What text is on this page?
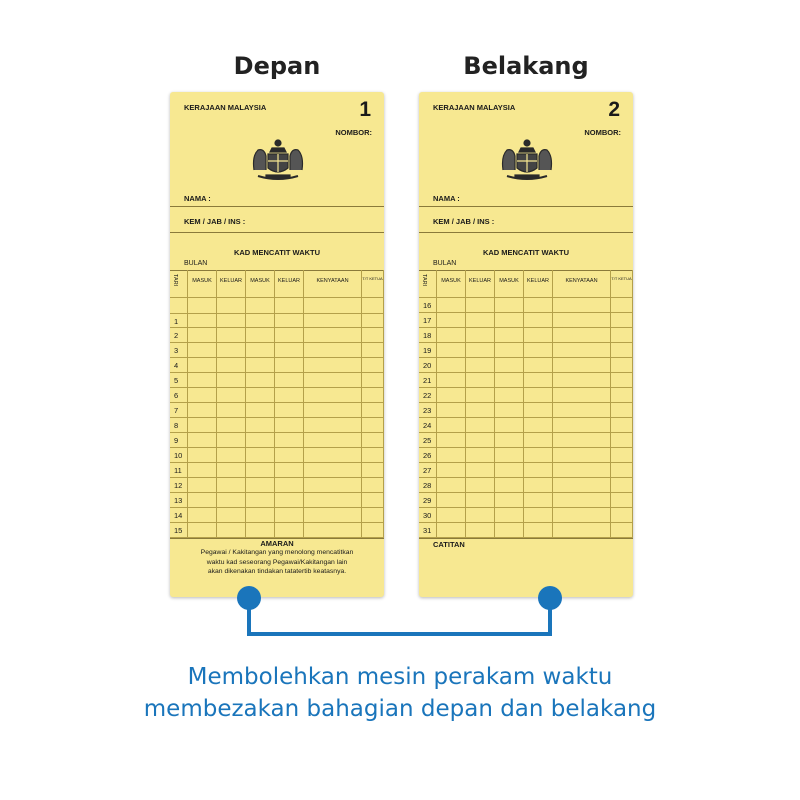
Depan	Belakang
KERAJAAN MALAYSIA	1
NOMBOR:
NAMA :
KEM / JAB / INS :
KAD MENCATIT WAKTU
BULAN
TARI	MASUK	KELUAR	MASUK	KELUAR	KENYATAAN	T/T KETUA
1
2
3
4
5
6
7
8
9
10
11
12
13
14
15
AMARAN
Pegawai / Kakitangan yang menolong mencatitkan
waktu kad seseorang Pegawai/Kakitangan lain
akan dikenakan tindakan tatatertib keatasnya.
KERAJAAN MALAYSIA	2
NOMBOR:
NAMA :
KEM / JAB / INS :
KAD MENCATIT WAKTU
BULAN
TARI	MASUK	KELUAR	MASUK	KELUAR	KENYATAAN	T/T KETUA
16
17
18
19
20
21
22
23
24
25
26
27
28
29
30
31
CATITAN
Membolehkan mesin perakam waktu
membezakan bahagian depan dan belakang
